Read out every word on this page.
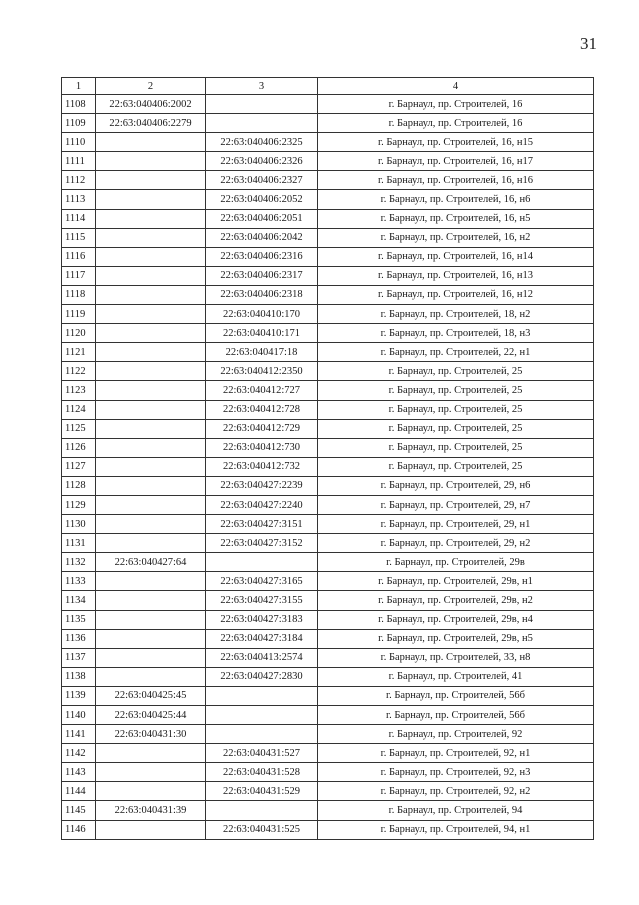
31
1	2	3	4
1108	22:63:040406:2002		г. Барнаул, пр. Строителей, 16
1109	22:63:040406:2279		г. Барнаул, пр. Строителей, 16
1110		22:63:040406:2325	г. Барнаул, пр. Строителей, 16, н15
1111		22:63:040406:2326	г. Барнаул, пр. Строителей, 16, н17
1112		22:63:040406:2327	г. Барнаул, пр. Строителей, 16, н16
1113		22:63:040406:2052	г. Барнаул, пр. Строителей, 16, н6
1114		22:63:040406:2051	г. Барнаул, пр. Строителей, 16, н5
1115		22:63:040406:2042	г. Барнаул, пр. Строителей, 16, н2
1116		22:63:040406:2316	г. Барнаул, пр. Строителей, 16, н14
1117		22:63:040406:2317	г. Барнаул, пр. Строителей, 16, н13
1118		22:63:040406:2318	г. Барнаул, пр. Строителей, 16, н12
1119		22:63:040410:170	г. Барнаул, пр. Строителей, 18, н2
1120		22:63:040410:171	г. Барнаул, пр. Строителей, 18, н3
1121		22:63:040417:18	г. Барнаул, пр. Строителей, 22, н1
1122		22:63:040412:2350	г. Барнаул, пр. Строителей, 25
1123		22:63:040412:727	г. Барнаул, пр. Строителей, 25
1124		22:63:040412:728	г. Барнаул, пр. Строителей, 25
1125		22:63:040412:729	г. Барнаул, пр. Строителей, 25
1126		22:63:040412:730	г. Барнаул, пр. Строителей, 25
1127		22:63:040412:732	г. Барнаул, пр. Строителей, 25
1128		22:63:040427:2239	г. Барнаул, пр. Строителей, 29, н6
1129		22:63:040427:2240	г. Барнаул, пр. Строителей, 29, н7
1130		22:63:040427:3151	г. Барнаул, пр. Строителей, 29, н1
1131		22:63:040427:3152	г. Барнаул, пр. Строителей, 29, н2
1132	22:63:040427:64		г. Барнаул, пр. Строителей, 29в
1133		22:63:040427:3165	г. Барнаул, пр. Строителей, 29в, н1
1134		22:63:040427:3155	г. Барнаул, пр. Строителей, 29в, н2
1135		22:63:040427:3183	г. Барнаул, пр. Строителей, 29в, н4
1136		22:63:040427:3184	г. Барнаул, пр. Строителей, 29в, н5
1137		22:63:040413:2574	г. Барнаул, пр. Строителей, 33, н8
1138		22:63:040427:2830	г. Барнаул, пр. Строителей, 41
1139	22:63:040425:45		г. Барнаул, пр. Строителей, 56б
1140	22:63:040425:44		г. Барнаул, пр. Строителей, 56б
1141	22:63:040431:30		г. Барнаул, пр. Строителей, 92
1142		22:63:040431:527	г. Барнаул, пр. Строителей, 92, н1
1143		22:63:040431:528	г. Барнаул, пр. Строителей, 92, н3
1144		22:63:040431:529	г. Барнаул, пр. Строителей, 92, н2
1145	22:63:040431:39		г. Барнаул, пр. Строителей, 94
1146		22:63:040431:525	г. Барнаул, пр. Строителей, 94, н1
